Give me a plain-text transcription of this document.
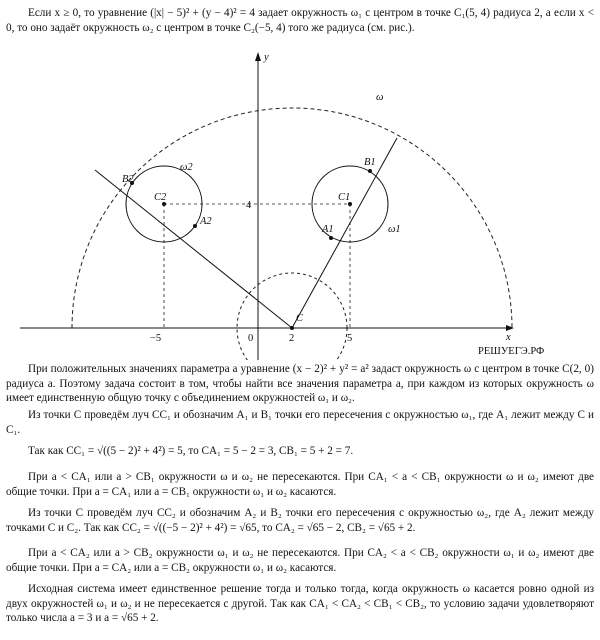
Если x ≥ 0, то уравнение (|x| − 5)² + (y − 4)² = 4 задает окружность ω₁ с центром в точке C₁(5, 4) радиуса 2, а если x < 0, то оно задаёт окружность ω₂ с центром в точке C₂(−5, 4) того же радиуса (см. рис.).

y
x
ω
ω1
ω2
C
C1
C2
A1
B1
A2
B2
4
−5	0	2	5
РЕШУЕГЭ.РФ

При положительных значениях параметра a уравнение (x − 2)² + y² = a² задаст окружность ω с центром в точке C(2, 0) радиуса a. Поэтому задача состоит в том, чтобы найти все значения параметра a, при каждом из которых окружность ω имеет единственную общую точку с объединением окружностей ω₁ и ω₂.

Из точки C проведём луч CC₁ и обозначим A₁ и B₁ точки его пересечения с окружностью ω₁, где A₁ лежит между C и C₁.

Так как CC₁ = √((5 − 2)² + 4²) = 5, то CA₁ = 5 − 2 = 3, CB₁ = 5 + 2 = 7.

При a < CA₁ или a > CB₁ окружности ω и ω₂ не пересекаются. При CA₁ < a < CB₁ окружности ω и ω₂ имеют две общие точки. При a = CA₁ или a = CB₁ окружности ω₁ и ω₂ касаются.

Из точки C проведём луч CC₂ и обозначим A₂ и B₂ точки его пересечения с окружностью ω₂, где A₂ лежит между точками C и C₂. Так как CC₂ = √((−5 − 2)² + 4²) = √65, то CA₂ = √65 − 2, CB₂ = √65 + 2.

При a < CA₂ или a > CB₂ окружности ω₁ и ω₂ не пересекаются. При CA₂ < a < CB₂ окружности ω₁ и ω₂ имеют две общие точки. При a = CA₂ или a = CB₂ окружности ω₁ и ω₂ касаются.

Исходная система имеет единственное решение тогда и только тогда, когда окружность ω касается ровно одной из двух окружностей ω₁ и ω₂ и не пересекается с другой. Так как CA₁ < CA₂ < CB₁ < CB₂, то условию задачи удовлетворяют только числа a = 3 и a = √65 + 2.
